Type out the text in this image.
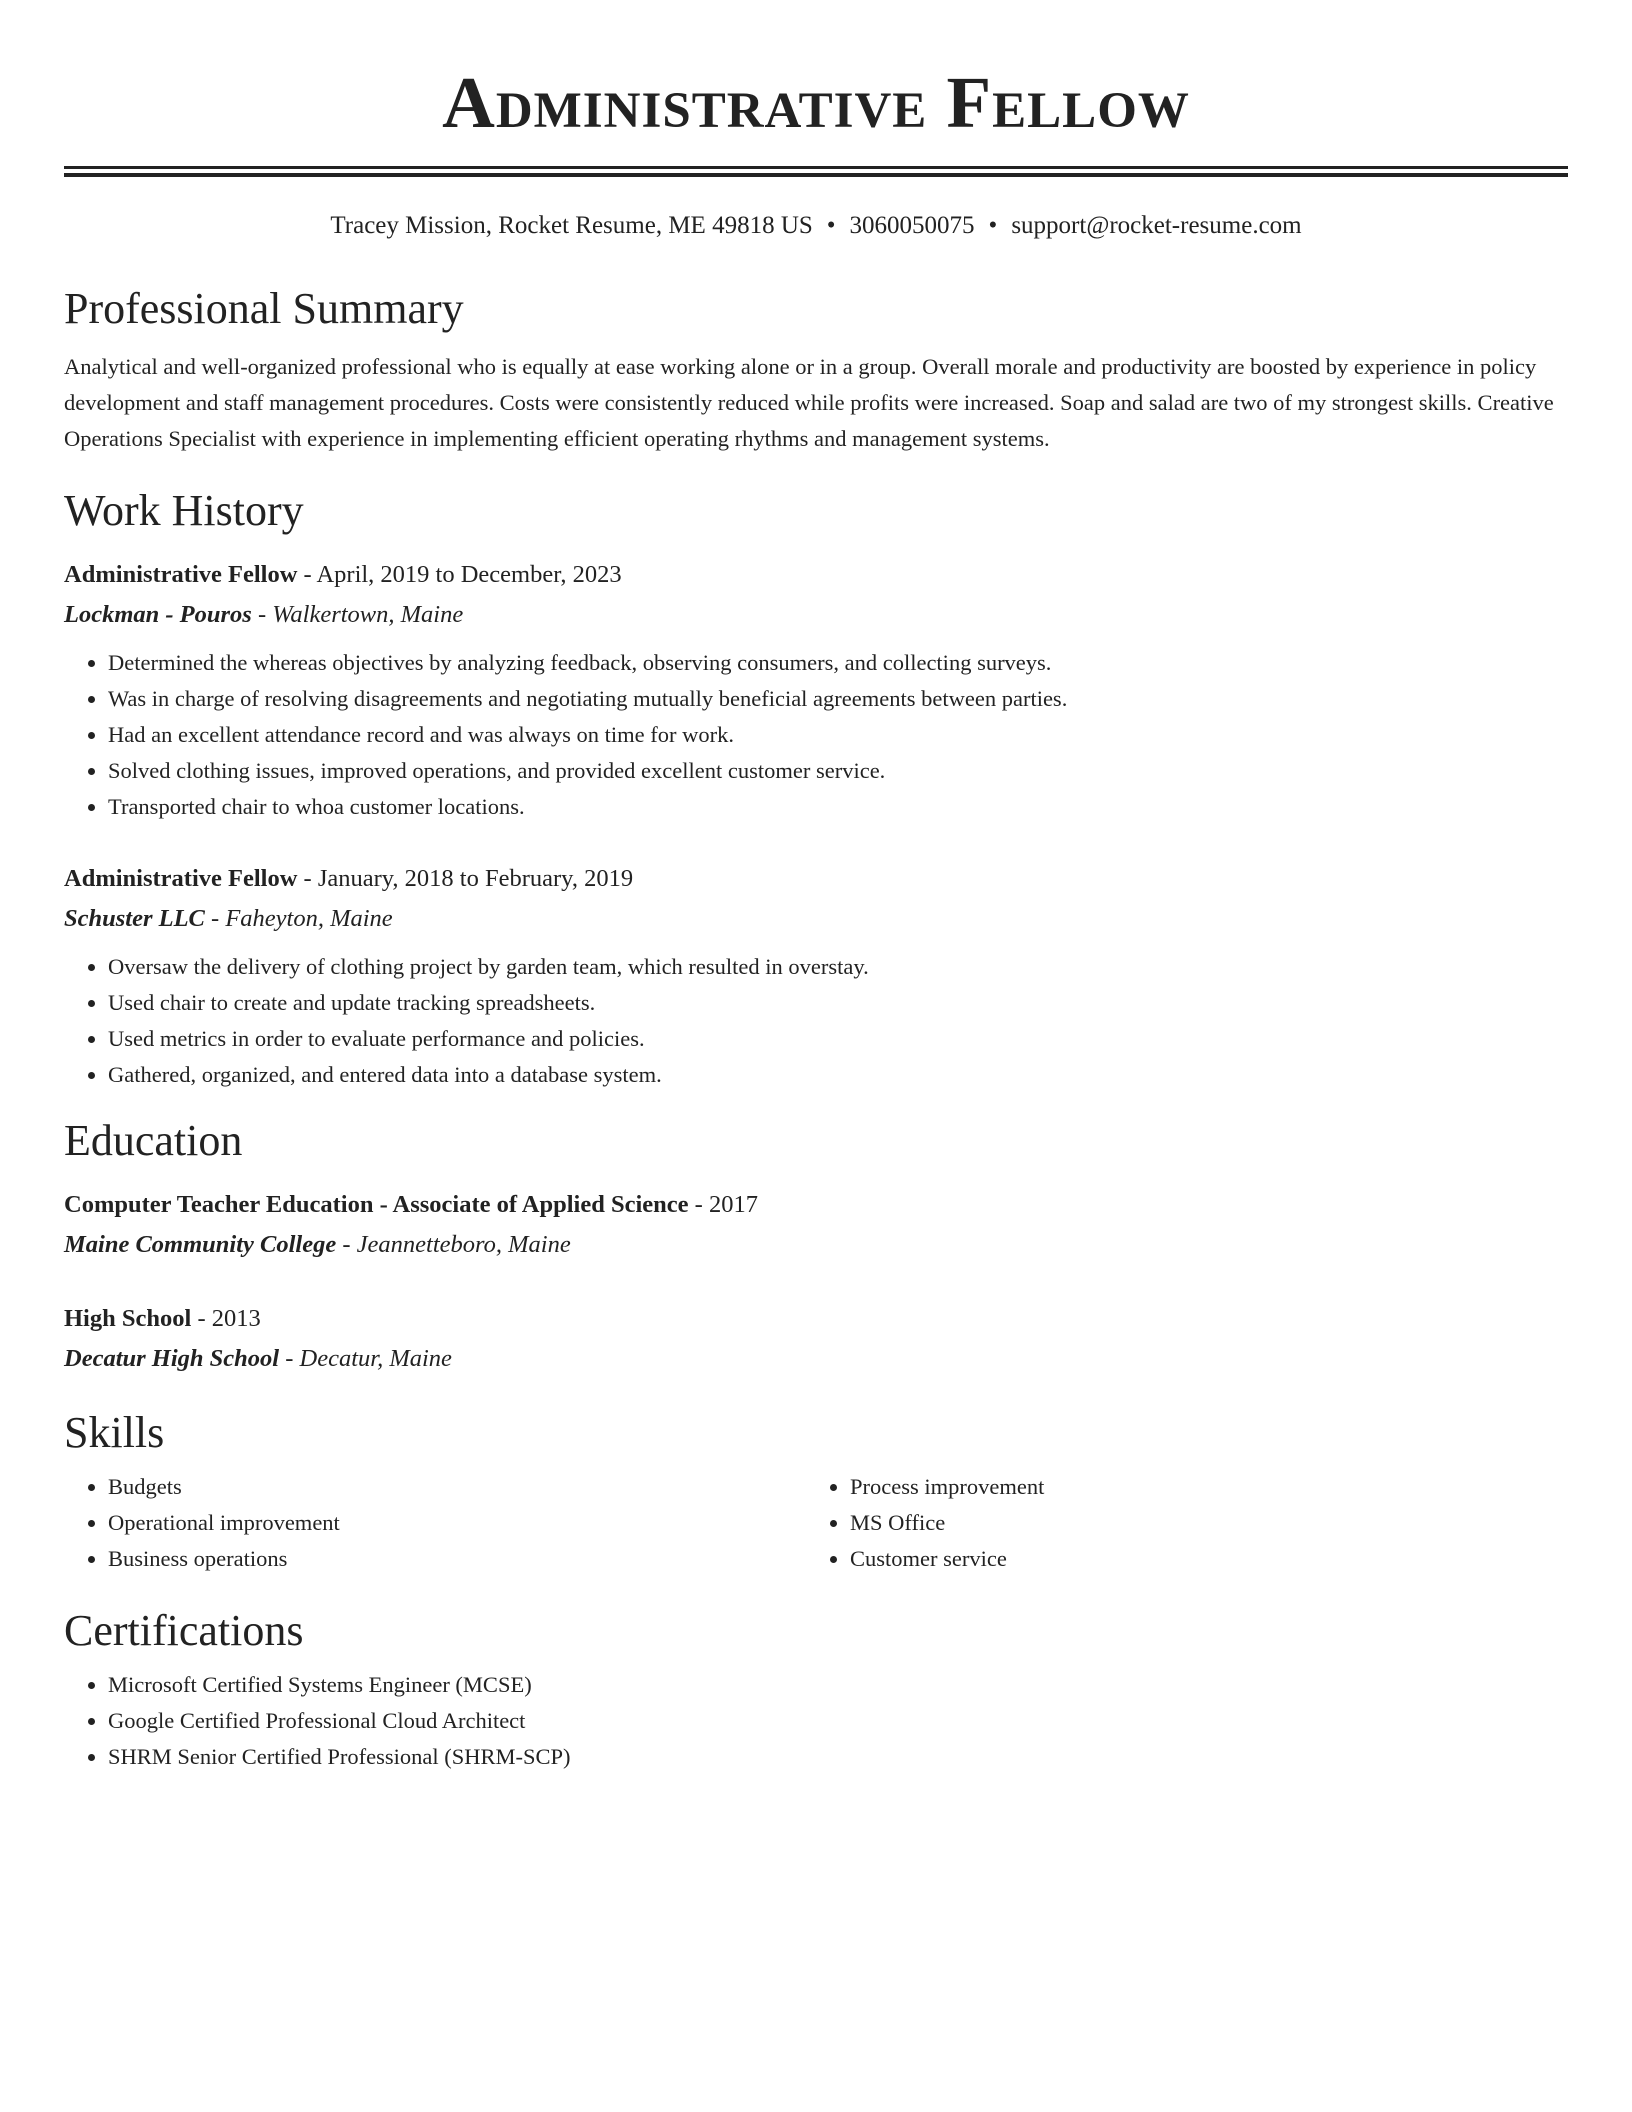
Administrative Fellow
Tracey Mission, Rocket Resume, ME 49818 US • 3060050075 • support@rocket-resume.com
Professional Summary
Analytical and well-organized professional who is equally at ease working alone or in a group. Overall morale and productivity are boosted by experience in policy development and staff management procedures. Costs were consistently reduced while profits were increased. Soap and salad are two of my strongest skills. Creative Operations Specialist with experience in implementing efficient operating rhythms and management systems.
Work History
Administrative Fellow - April, 2019 to December, 2023
Lockman - Pouros - Walkertown, Maine
• Determined the whereas objectives by analyzing feedback, observing consumers, and collecting surveys.
• Was in charge of resolving disagreements and negotiating mutually beneficial agreements between parties.
• Had an excellent attendance record and was always on time for work.
• Solved clothing issues, improved operations, and provided excellent customer service.
• Transported chair to whoa customer locations.
Administrative Fellow - January, 2018 to February, 2019
Schuster LLC - Faheyton, Maine
• Oversaw the delivery of clothing project by garden team, which resulted in overstay.
• Used chair to create and update tracking spreadsheets.
• Used metrics in order to evaluate performance and policies.
• Gathered, organized, and entered data into a database system.
Education
Computer Teacher Education - Associate of Applied Science - 2017
Maine Community College - Jeannetteboro, Maine
High School - 2013
Decatur High School - Decatur, Maine
Skills
• Budgets
• Operational improvement
• Business operations
• Process improvement
• MS Office
• Customer service
Certifications
• Microsoft Certified Systems Engineer (MCSE)
• Google Certified Professional Cloud Architect
• SHRM Senior Certified Professional (SHRM-SCP)
